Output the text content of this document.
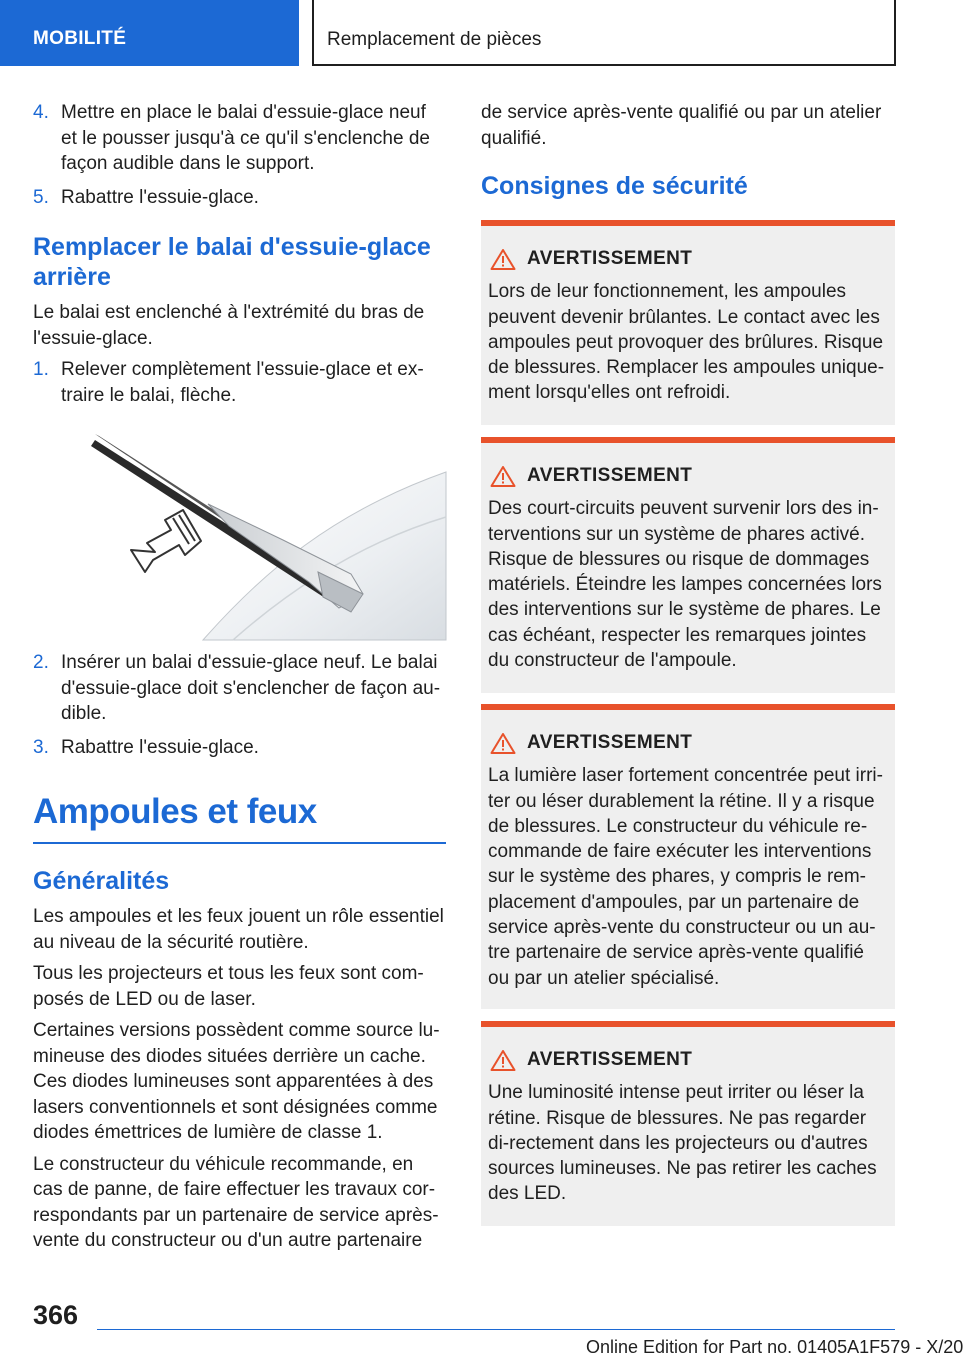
MOBILITÉ	Remplacement de pièces
4. Mettre en place le balai d'essuie-glace neuf et le pousser jusqu'à ce qu'il s'enclenche de façon audible dans le support.
5. Rabattre l'essuie-glace.
Remplacer le balai d'essuie-glace arrière

Le balai est enclenché à l'extrémité du bras de l'essuie-glace.

1. Relever complètement l'essuie-glace et ex-traire le balai, flèche.
2. Insérer un balai d'essuie-glace neuf. Le balai d'essuie-glace doit s'enclencher de façon au-dible.
3. Rabattre l'essuie-glace.
Ampoules et feux
Généralités

Les ampoules et les feux jouent un rôle essentiel au niveau de la sécurité routière.

Tous les projecteurs et tous les feux sont com-posés de LED ou de laser.

Certaines versions possèdent comme source lu-mineuse des diodes situées derrière un cache. Ces diodes lumineuses sont apparentées à des lasers conventionnels et sont désignées comme diodes émettrices de lumière de classe 1.

Le constructeur du véhicule recommande, en cas de panne, de faire effectuer les travaux cor-respondants par un partenaire de service après-vente du constructeur ou d'un autre partenaire

de service après-vente qualifié ou par un atelier qualifié.

Consignes de sécurité
AVERTISSEMENT
Lors de leur fonctionnement, les ampoules peuvent devenir brûlantes. Le contact avec les ampoules peut provoquer des brûlures. Risque de blessures. Remplacer les ampoules unique-ment lorsqu'elles ont refroidi.
AVERTISSEMENT
Des court-circuits peuvent survenir lors des in-terventions sur un système de phares activé. Risque de blessures ou risque de dommages matériels. Éteindre les lampes concernées lors des interventions sur le système de phares. Le cas échéant, respecter les remarques jointes du constructeur de l'ampoule.
AVERTISSEMENT
La lumière laser fortement concentrée peut irri-ter ou léser durablement la rétine. Il y a risque de blessures. Le constructeur du véhicule re-commande de faire exécuter les interventions sur le système des phares, y compris le rem-placement d'ampoules, par un partenaire de service après-vente du constructeur ou un au-tre partenaire de service après-vente qualifié ou par un atelier spécialisé.
AVERTISSEMENT
Une luminosité intense peut irriter ou léser la rétine. Risque de blessures. Ne pas regarder di-rectement dans les projecteurs ou d'autres sources lumineuses. Ne pas retirer les caches des LED.
366
Online Edition for Part no. 01405A1F579 - X/20
